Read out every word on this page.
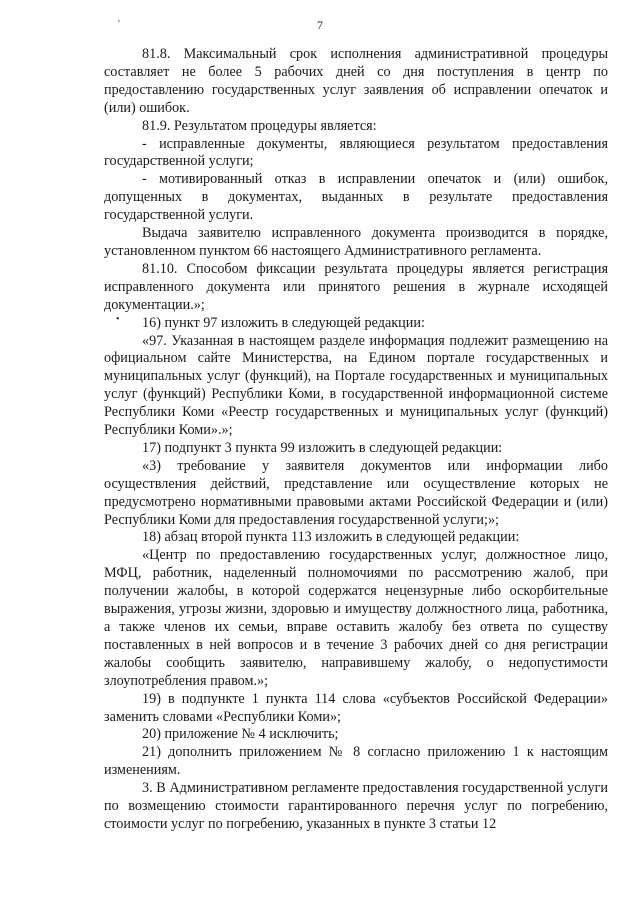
'
•
7

81.8. Максимальный срок исполнения административной процедуры составляет не более 5 рабочих дней со дня поступления в центр по предоставлению государственных услуг заявления об исправлении опечаток и (или) ошибок.

81.9. Результатом процедуры является:

- исправленные документы, являющиеся результатом предоставления государственной услуги;

- мотивированный отказ в исправлении опечаток и (или) ошибок, допущенных в документах, выданных в результате предоставления государственной услуги.

Выдача заявителю исправленного документа производится в порядке, установленном пунктом 66 настоящего Административного регламента.

81.10. Способом фиксации результата процедуры является регистрация исправленного документа или принятого решения в журнале исходящей документации.»;

16) пункт 97 изложить в следующей редакции:

«97. Указанная в настоящем разделе информация подлежит размещению на официальном сайте Министерства, на Едином портале государственных и муниципальных услуг (функций), на Портале государственных и муниципальных услуг (функций) Республики Коми, в государственной информационной системе Республики Коми «Реестр государственных и муниципальных услуг (функций) Республики Коми».»;

17) подпункт 3 пункта 99 изложить в следующей редакции:

«3) требование у заявителя документов или информации либо осуществления действий, представление или осуществление которых не предусмотрено нормативными правовыми актами Российской Федерации и (или) Республики Коми для предоставления государственной услуги;»;

18) абзац второй пункта 113 изложить в следующей редакции:

«Центр по предоставлению государственных услуг, должностное лицо, МФЦ, работник, наделенный полномочиями по рассмотрению жалоб, при получении жалобы, в которой содержатся нецензурные либо оскорбительные выражения, угрозы жизни, здоровью и имуществу должностного лица, работника, а также членов их семьи, вправе оставить жалобу без ответа по существу поставленных в ней вопросов и в течение 3 рабочих дней со дня регистрации жалобы сообщить заявителю, направившему жалобу, о недопустимости злоупотребления правом.»;

19) в подпункте 1 пункта 114 слова «субъектов Российской Федерации» заменить словами «Республики Коми»;

20) приложение № 4 исключить;

21) дополнить приложением № 8 согласно приложению 1 к настоящим изменениям.

3. В Административном регламенте предоставления государственной услуги по возмещению стоимости гарантированного перечня услуг по погребению, стоимости услуг по погребению, указанных в пункте 3 статьи 12
